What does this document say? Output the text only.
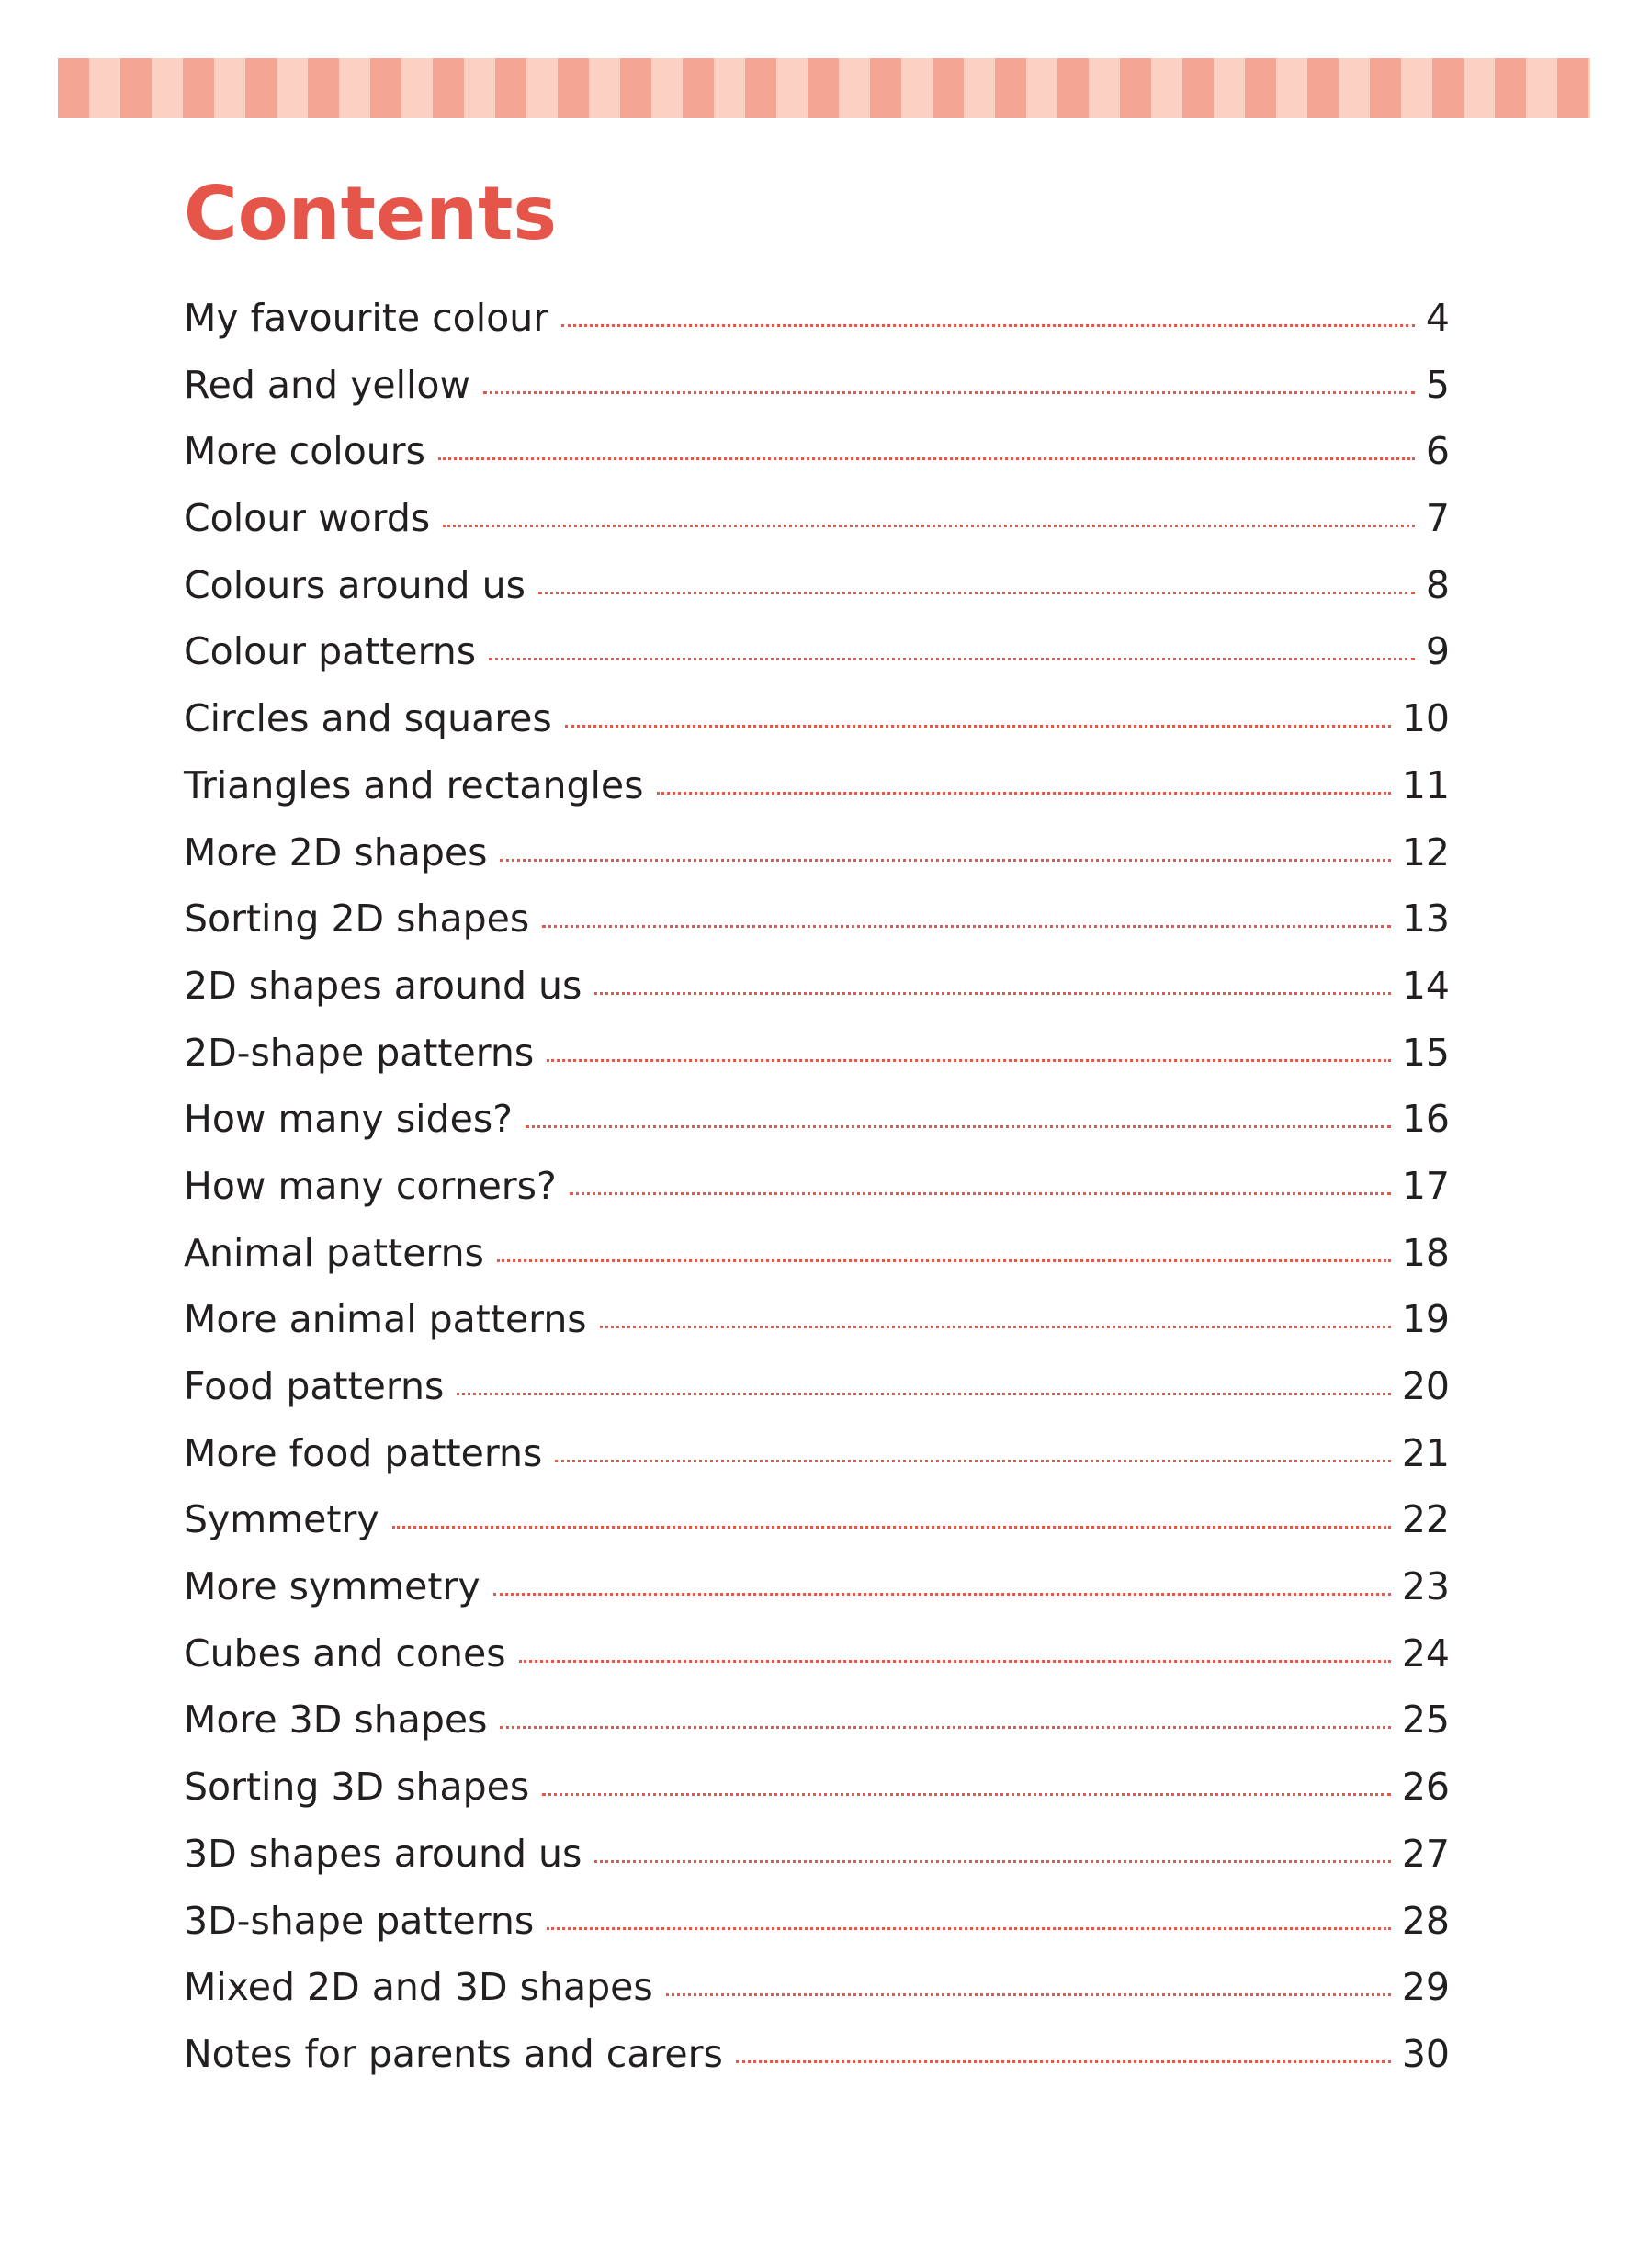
Contents
My favourite colour	4
Red and yellow	5
More colours	6
Colour words	7
Colours around us	8
Colour patterns	9
Circles and squares	10
Triangles and rectangles	11
More 2D shapes	12
Sorting 2D shapes	13
2D shapes around us	14
2D-shape patterns	15
How many sides?	16
How many corners?	17
Animal patterns	18
More animal patterns	19
Food patterns	20
More food patterns	21
Symmetry	22
More symmetry	23
Cubes and cones	24
More 3D shapes	25
Sorting 3D shapes	26
3D shapes around us	27
3D-shape patterns	28
Mixed 2D and 3D shapes	29
Notes for parents and carers	30
